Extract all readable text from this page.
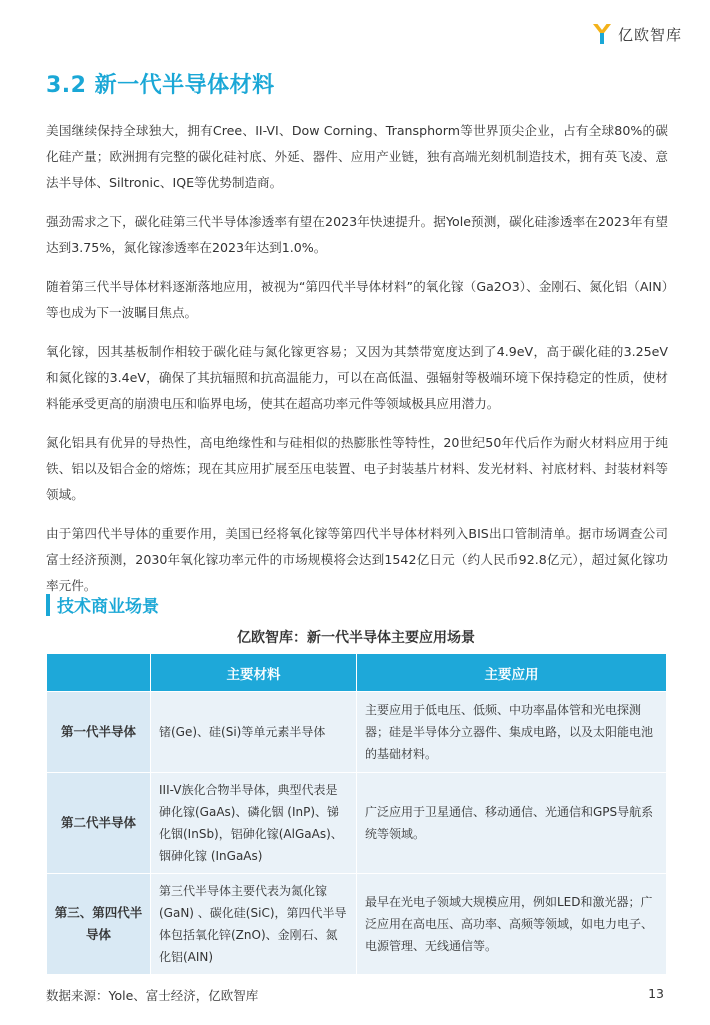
亿欧智库
3.2 新一代半导体材料

美国继续保持全球独大，拥有Cree、II-VI、Dow Corning、Transphorm等世界顶尖企业，占有全球80%的碳化硅产量；欧洲拥有完整的碳化硅衬底、外延、器件、应用产业链，独有高端光刻机制造技术，拥有英飞凌、意法半导体、Siltronic、IQE等优势制造商。

强劲需求之下，碳化硅第三代半导体渗透率有望在2023年快速提升。据Yole预测，碳化硅渗透率在2023年有望达到3.75%，氮化镓渗透率在2023年达到1.0%。

随着第三代半导体材料逐渐落地应用，被视为“第四代半导体材料”的氧化镓（Ga2O3）、金刚石、氮化铝（AIN）等也成为下一波瞩目焦点。

氧化镓，因其基板制作相较于碳化硅与氮化镓更容易；又因为其禁带宽度达到了4.9eV，高于碳化硅的3.25eV和氮化镓的3.4eV，确保了其抗辐照和抗高温能力，可以在高低温、强辐射等极端环境下保持稳定的性质，使材料能承受更高的崩溃电压和临界电场，使其在超高功率元件等领域极具应用潜力。

氮化铝具有优异的导热性，高电绝缘性和与硅相似的热膨胀性等特性，20世纪50年代后作为耐火材料应用于纯铁、铝以及铝合金的熔炼；现在其应用扩展至压电装置、电子封装基片材料、发光材料、衬底材料、封装材料等领域。

由于第四代半导体的重要作用，美国已经将氧化镓等第四代半导体材料列入BIS出口管制清单。据市场调查公司富士经济预测，2030年氧化镓功率元件的市场规模将会达到1542亿日元（约人民币92.8亿元），超过氮化镓功率元件。

技术商业场景
亿欧智库：新一代半导体主要应用场景
	主要材料	主要应用
第一代半导体	锗(Ge)、硅(Si)等单元素半导体	主要应用于低电压、低频、中功率晶体管和光电探测器；硅是半导体分立器件、集成电路，以及太阳能电池的基础材料。
第二代半导体	III-V族化合物半导体，典型代表是砷化镓(GaAs)、磷化铟 (InP)、锑化铟(InSb)，铝砷化镓(AlGaAs)、铟砷化镓 (InGaAs)	广泛应用于卫星通信、移动通信、光通信和GPS导航系统等领域。
第三、第四代半导体	第三代半导体主要代表为氮化镓(GaN) 、碳化硅(SiC)，第四代半导体包括氧化锌(ZnO)、金刚石、氮化铝(AIN)	最早在光电子领域大规模应用，例如LED和激光器；广泛应用在高电压、高功率、高频等领域，如电力电子、电源管理、无线通信等。
数据来源：Yole、富士经济，亿欧智库	13
